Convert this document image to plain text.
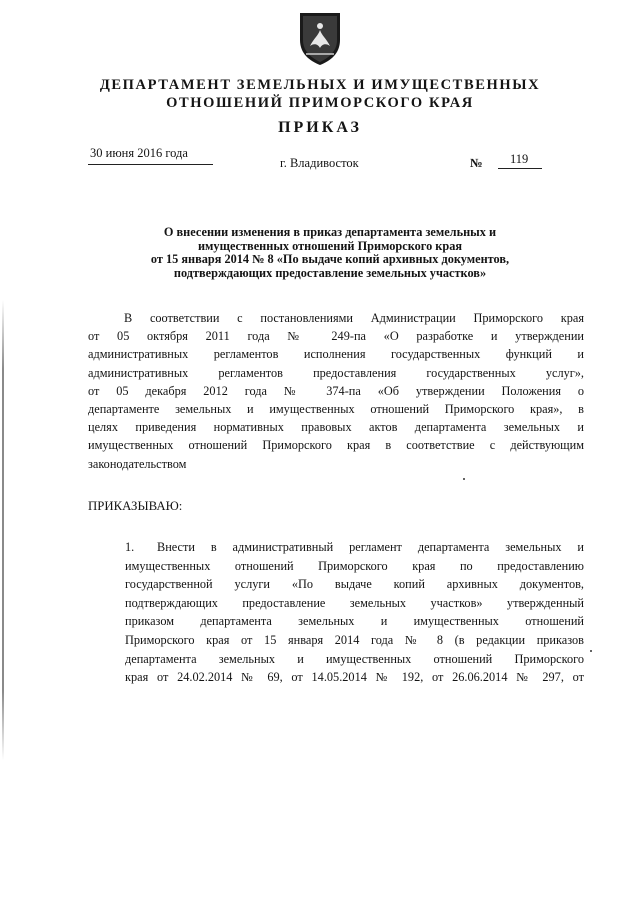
ДЕПАРТАМЕНТ ЗЕМЕЛЬНЫХ И ИМУЩЕСТВЕННЫХ
ОТНОШЕНИЙ ПРИМОРСКОГО КРАЯ
ПРИКАЗ
30 июня 2016 года
г. Владивосток	№ 119
О внесении изменения в приказ департамента земельных и
имущественных отношений Приморского края
от 15 января 2014 № 8 «По выдаче копий архивных документов,
подтверждающих предоставление земельных участков»
В соответствии с постановлениями Администрации Приморского края
от 05 октября 2011 года № 249-па «О разработке и утверждении
административных регламентов исполнения государственных функций и
административных регламентов предоставления государственных услуг»,
от 05 декабря 2012 года № 374-па «Об утверждении Положения о
департаменте земельных и имущественных отношений Приморского края», в
целях приведения нормативных правовых актов департамента земельных и
имущественных отношений Приморского края в соответствие с действующим
законодательством
ПРИКАЗЫВАЮ:
1.	Внести в административный регламент департамента земельных и
имущественных отношений Приморского края по предоставлению
государственной услуги «По выдаче копий архивных документов,
подтверждающих предоставление земельных участков» утвержденный
приказом департамента земельных и имущественных отношений
Приморского края от 15 января 2014 года № 8 (в редакции приказов
департамента земельных и имущественных отношений Приморского
края от 24.02.2014 № 69, от 14.05.2014 № 192, от 26.06.2014 № 297, от
